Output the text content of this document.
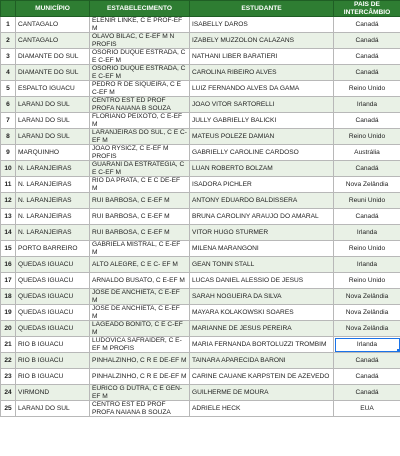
	MUNICÍPIO	ESTABELECIMENTO	ESTUDANTE	PAÍS DE INTERCÂMBIO
1	CANTAGALO	ELENIR LINKE, C E PROF-EF M	ISABELLY DAROS	Canadá
2	CANTAGALO	OLAVO BILAC, C E-EF M N PROFIS	IZABELY MUZZOLON CALAZANS	Canadá
3	DIAMANTE DO SUL	OSORIO DUQUE ESTRADA, C E C-EF M	NATHANI LIBER BARATIERI	Canadá
4	DIAMANTE DO SUL	OSORIO DUQUE ESTRADA, C E C-EF M	CAROLINA RIBEIRO ALVES	Canadá
5	ESPALTO IGUACU	PEDRO R DE SIQUEIRA, C E C-EF M	LUIZ FERNANDO ALVES DA GAMA	Reino Unido
6	LARANJ DO SUL	CENTRO EST ED PROF PROFA NAIANA B SOUZA	JOAO VITOR SARTORELLI	Irlanda
7	LARANJ DO SUL	FLORIANO PEIXOTO, C E-EF M	JULLY GABRIELLY BALICKI	Canadá
8	LARANJ DO SUL	LARANJEIRAS DO SUL, C E C-EF M	MATEUS POLEZE DAMIAN	Reino Unido
9	MARQUINHO	JOAO RYSICZ, C E-EF M PROFIS	GABRIELLY CAROLINE CARDOSO	Austrália
10	N. LARANJEIRAS	GUARANI DA ESTRATEGIA, C E C-EF M	LUAN ROBERTO BOLZAM	Canadá
11	N. LARANJEIRAS	RIO DA PRATA, C E C DE-EF M	ISADORA PICHLER	Nova Zelândia
12	N. LARANJEIRAS	RUI BARBOSA, C E-EF M	ANTONY EDUARDO BALDISSERA	Reuni Unido
13	N. LARANJEIRAS	RUI BARBOSA, C E-EF M	BRUNA CAROLINY ARAUJO DO AMARAL	Canadá
14	N. LARANJEIRAS	RUI BARBOSA, C E-EF M	VITOR HUGO STURMER	Irlanda
15	PORTO BARREIRO	GABRIELA MISTRAL, C E-EF M	MILENA MARANGONI	Reino Unido
16	QUEDAS IGUACU	ALTO ALEGRE, C E C- EF M	GEAN TONIN STALL	Irlanda
17	QUEDAS IGUACU	ARNALDO BUSATO, C E-EF M	LUCAS DANIEL ALESSIO DE JESUS	Reino Unido
18	QUEDAS IGUACU	JOSE DE ANCHIETA, C E-EF M	SARAH NOGUEIRA DA SILVA	Nova Zelândia
19	QUEDAS IGUACU	JOSE DE ANCHIETA, C E-EF M	MAYARA KOLAKOWSKI SOARES	Nova Zelândia
20	QUEDAS IGUACU	LAGEADO BONITO, C E C-EF M	MARIANNE DE JESUS PEREIRA	Nova Zelândia
21	RIO B IGUACU	LUDOVICA SAFRAIDER, C E-EF M PROFIS	MARIA FERNANDA BORTOLUZZI TROMBIM	Irlanda
22	RIO B IGUACU	PINHALZINHO, C R E DE-EF M	TAINARA APARECIDA BARONI	Canadá
23	RIO B IGUACU	PINHALZINHO, C R E DE-EF M	CARINE CAUANE KARPSTEIN DE AZEVEDO	Canadá
24	VIRMOND	EURICO G DUTRA, C E GEN-EF M	GUILHERME DE MOURA	Canadá
25	LARANJ DO SUL	CENTRO EST ED PROF PROFA NAIANA B SOUZA	ADRIELE HECK	EUA
